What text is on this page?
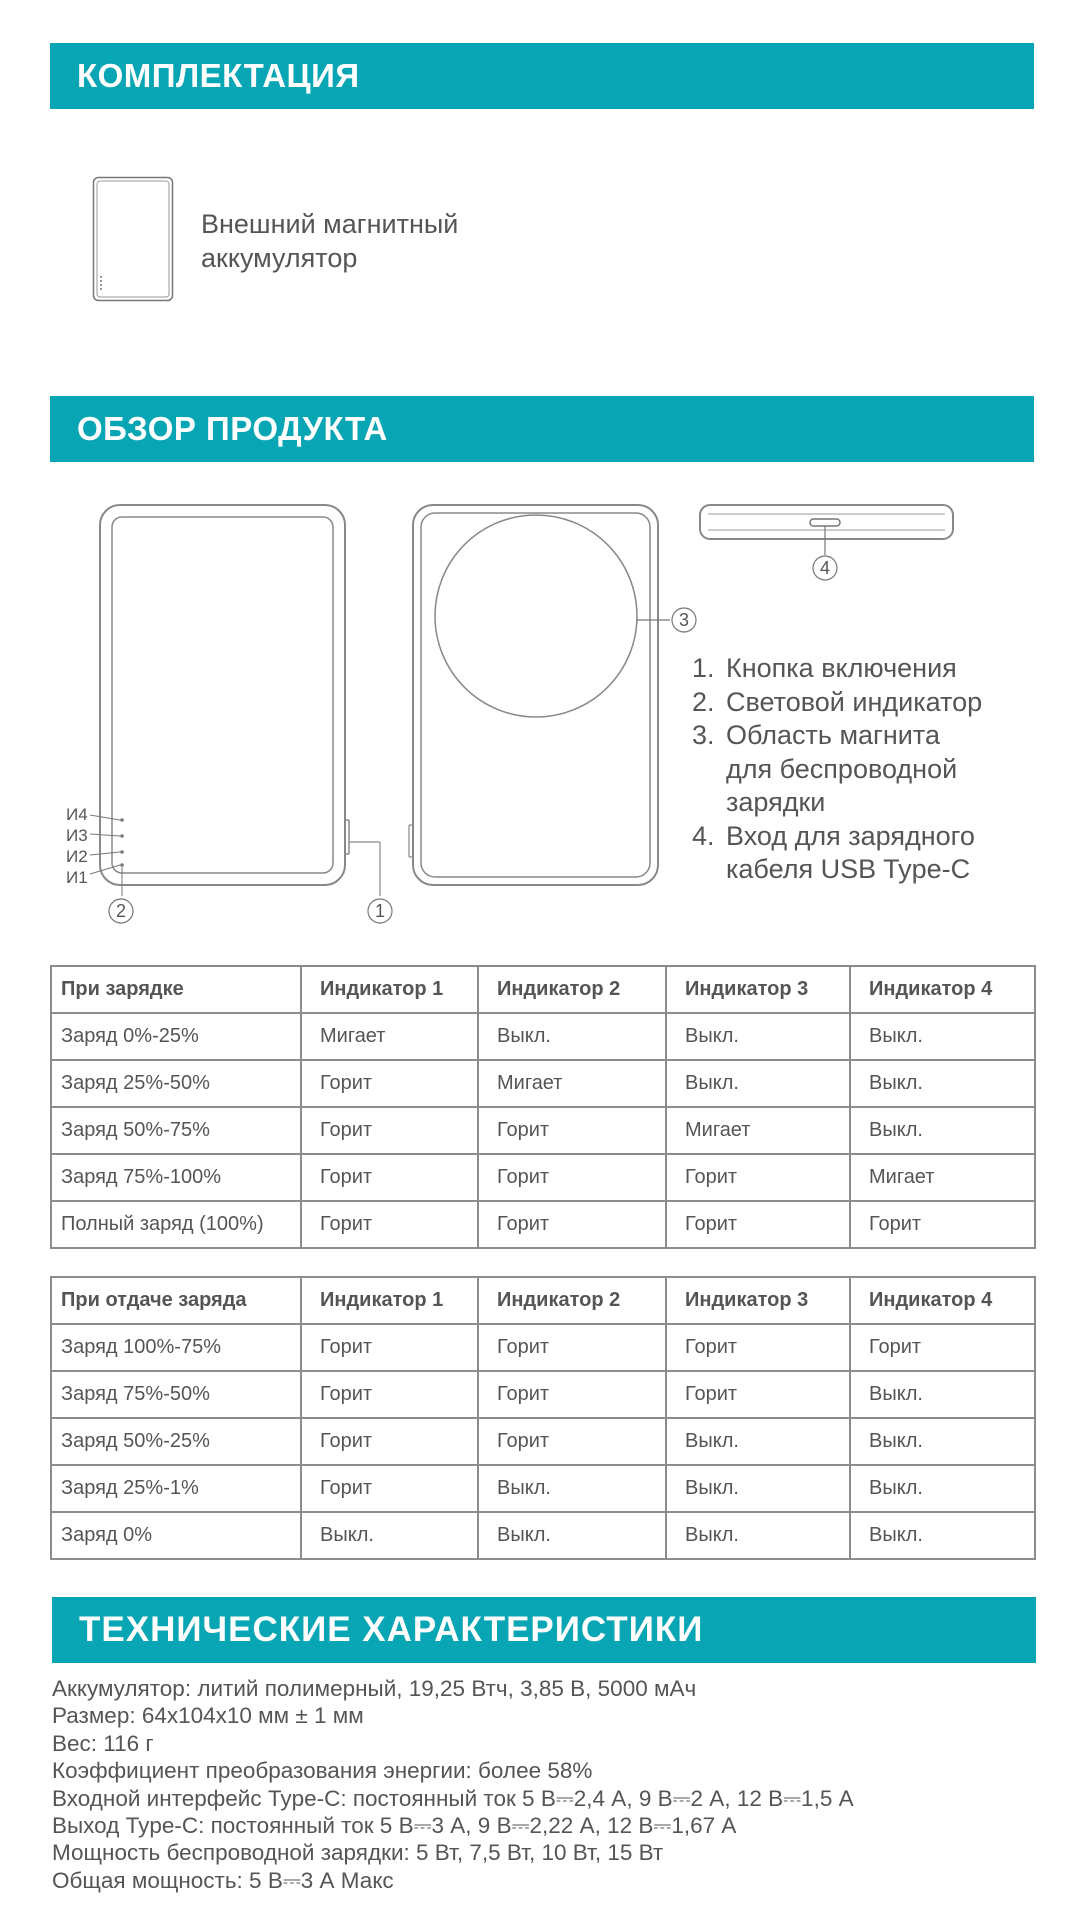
КОМПЛЕКТАЦИЯ
Внешний магнитный
аккумулятор
ОБЗОР ПРОДУКТА
И4
И3
И2
И1
2	1
3
4
1. Кнопка включения
2. Световой индикатор
3. Область магнита
для беспроводной
зарядки
4. Вход для зарядного
кабеля USB Type-C
При зарядке	Индикатор 1	Индикатор 2	Индикатор 3	Индикатор 4
Заряд 0%-25%	Мигает	Выкл.	Выкл.	Выкл.
Заряд 25%-50%	Горит	Мигает	Выкл.	Выкл.
Заряд 50%-75%	Горит	Горит	Мигает	Выкл.
Заряд 75%-100%	Горит	Горит	Горит	Мигает
Полный заряд (100%)	Горит	Горит	Горит	Горит
При отдаче заряда	Индикатор 1	Индикатор 2	Индикатор 3	Индикатор 4
Заряд 100%-75%	Горит	Горит	Горит	Горит
Заряд 75%-50%	Горит	Горит	Горит	Выкл.
Заряд 50%-25%	Горит	Горит	Выкл.	Выкл.
Заряд 25%-1%	Горит	Выкл.	Выкл.	Выкл.
Заряд 0%	Выкл.	Выкл.	Выкл.	Выкл.
ТЕХНИЧЕСКИЕ ХАРАКТЕРИСТИКИ
Аккумулятор: литий полимерный, 19,25 Втч, 3,85 В, 5000 мАч
Размер: 64x104x10 мм ± 1 мм
Вес: 116 г
Коэффициент преобразования энергии: более 58%
Входной интерфейс Type-C: постоянный ток 5 В⎓2,4 А, 9 В⎓2 А, 12 В⎓1,5 А
Выход Type-C: постоянный ток 5 В⎓3 А, 9 В⎓2,22 А, 12 В⎓1,67 А
Мощность беспроводной зарядки: 5 Вт, 7,5 Вт, 10 Вт, 15 Вт
Общая мощность: 5 В⎓3 А Макс
